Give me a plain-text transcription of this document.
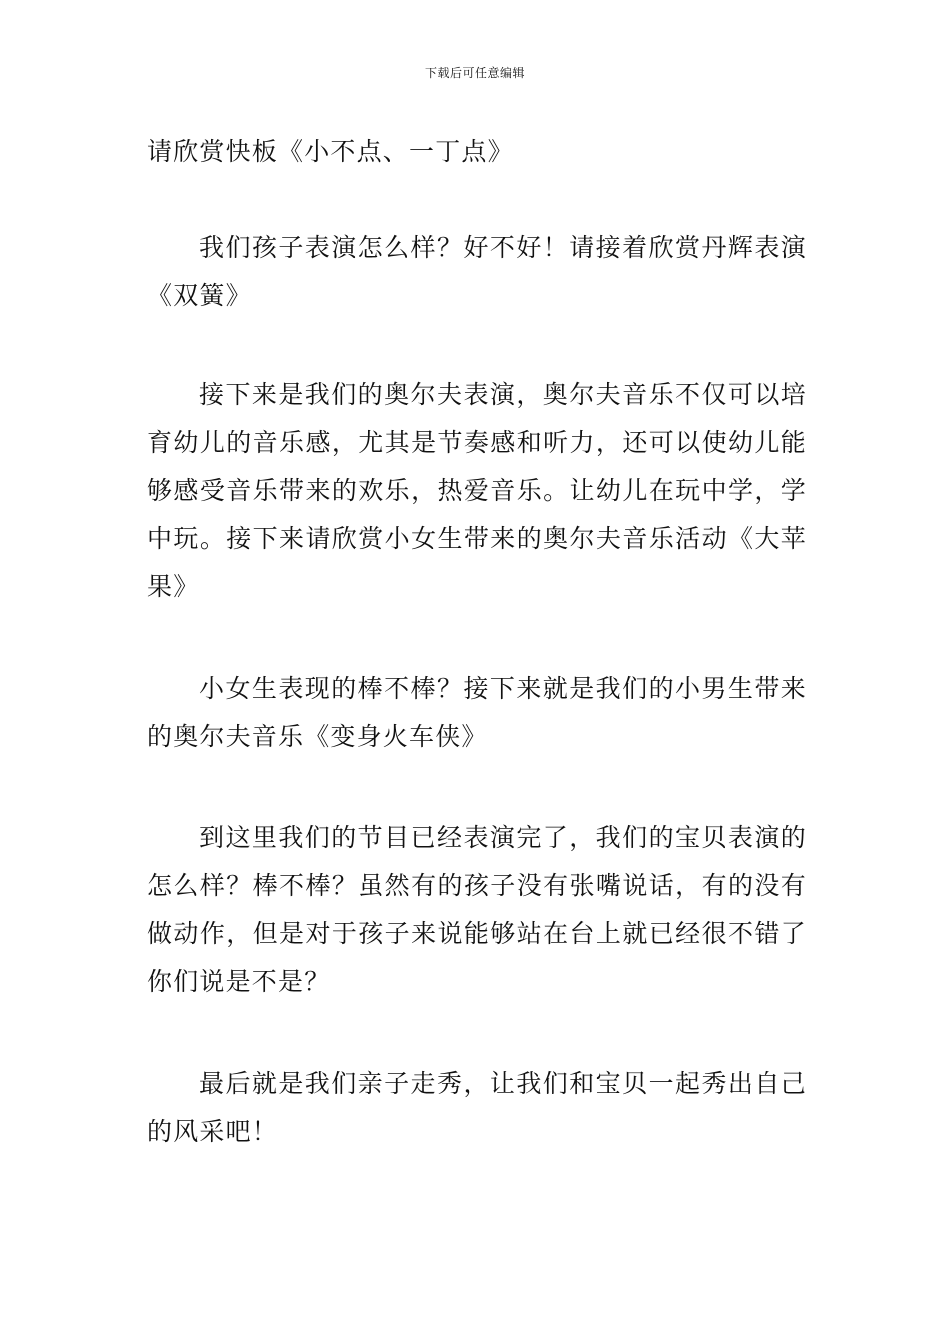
下载后可任意编辑

请欣赏快板《小不点、一丁点》

我们孩子表演怎么样？好不好！请接着欣赏丹辉表演《双簧》

接下来是我们的奥尔夫表演，奥尔夫音乐不仅可以培育幼儿的音乐感，尤其是节奏感和听力，还可以使幼儿能够感受音乐带来的欢乐，热爱音乐。让幼儿在玩中学，学中玩。接下来请欣赏小女生带来的奥尔夫音乐活动《大苹果》

小女生表现的棒不棒？接下来就是我们的小男生带来的奥尔夫音乐《变身火车侠》

到这里我们的节目已经表演完了，我们的宝贝表演的怎么样？棒不棒？虽然有的孩子没有张嘴说话，有的没有做动作，但是对于孩子来说能够站在台上就已经很不错了你们说是不是？

最后就是我们亲子走秀，让我们和宝贝一起秀出自己的风采吧！
